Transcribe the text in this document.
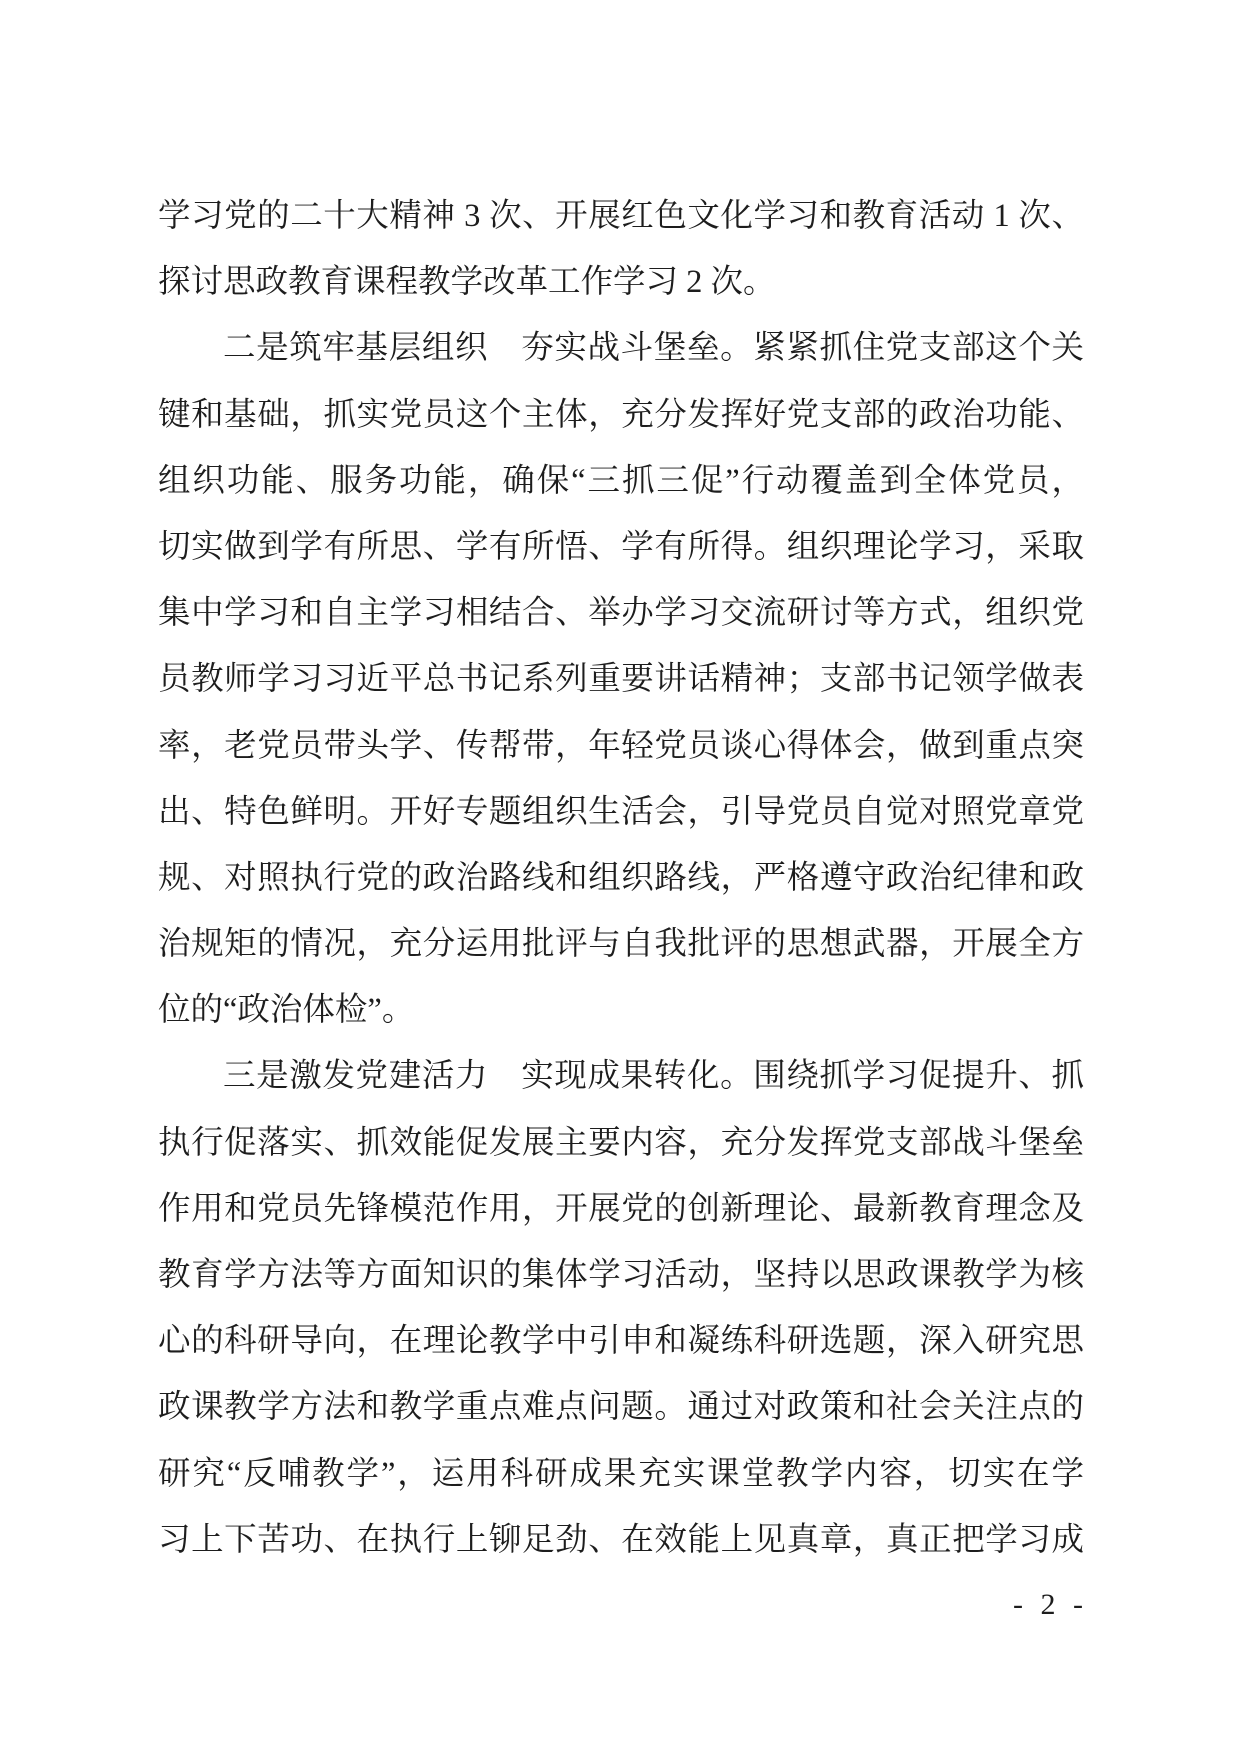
学习党的二十大精神 3 次、开展红色文化学习和教育活动 1 次、
探讨思政教育课程教学改革工作学习 2 次。
二是筑牢基层组织　夯实战斗堡垒。紧紧抓住党支部这个关
键和基础，抓实党员这个主体，充分发挥好党支部的政治功能、
组织功能、服务功能，确保“三抓三促”行动覆盖到全体党员，
切实做到学有所思、学有所悟、学有所得。组织理论学习，采取
集中学习和自主学习相结合、举办学习交流研讨等方式，组织党
员教师学习习近平总书记系列重要讲话精神；支部书记领学做表
率，老党员带头学、传帮带，年轻党员谈心得体会，做到重点突
出、特色鲜明。开好专题组织生活会，引导党员自觉对照党章党
规、对照执行党的政治路线和组织路线，严格遵守政治纪律和政
治规矩的情况，充分运用批评与自我批评的思想武器，开展全方
位的“政治体检”。
三是激发党建活力　实现成果转化。围绕抓学习促提升、抓
执行促落实、抓效能促发展主要内容，充分发挥党支部战斗堡垒
作用和党员先锋模范作用，开展党的创新理论、最新教育理念及
教育学方法等方面知识的集体学习活动，坚持以思政课教学为核
心的科研导向，在理论教学中引申和凝练科研选题，深入研究思
政课教学方法和教学重点难点问题。通过对政策和社会关注点的
研究“反哺教学”，运用科研成果充实课堂教学内容，切实在学
习上下苦功、在执行上铆足劲、在效能上见真章，真正把学习成
- 2 -
